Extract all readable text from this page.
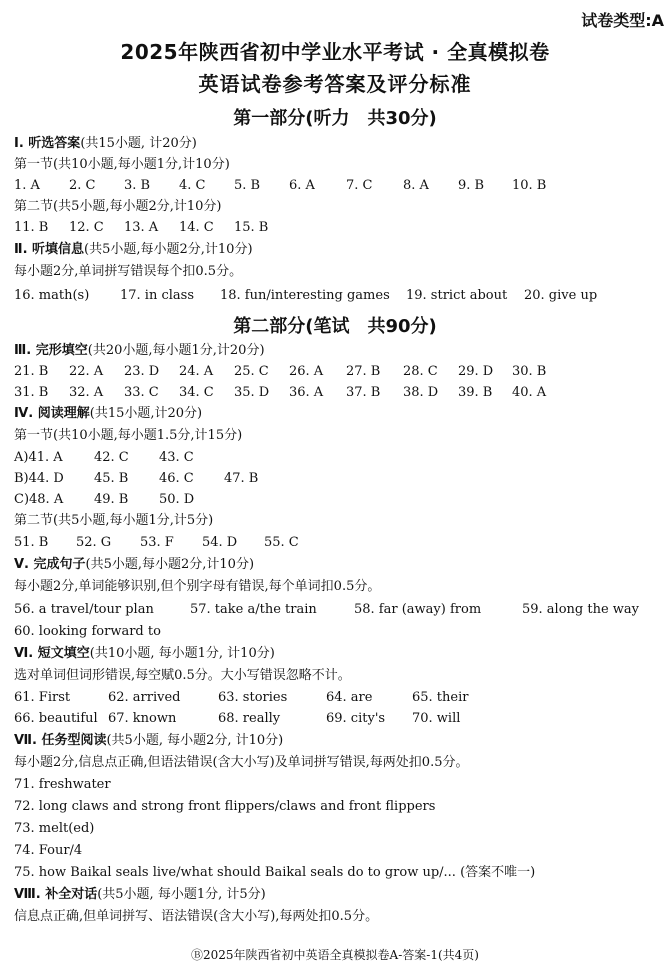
试卷类型:A
2025年陕西省初中学业水平考试 · 全真模拟卷
英语试卷参考答案及评分标准
第一部分(听力　共30分)
Ⅰ. 听选答案(共15小题, 计20分)
第一节(共10小题,每小题1分,计10分)
1. A 2. C 3. B 4. C 5. B 6. A 7. C 8. A 9. B 10. B
第二节(共5小题,每小题2分,计10分)
11. B 12. C 13. A 14. C 15. B
Ⅱ. 听填信息(共5小题,每小题2分,计10分)
每小题2分,单词拼写错误每个扣0.5分。
16. math(s) 17. in class 18. fun/interesting games 19. strict about 20. give up
第二部分(笔试　共90分)
Ⅲ. 完形填空(共20小题,每小题1分,计20分)
21. B 22. A 23. D 24. A 25. C 26. A 27. B 28. C 29. D 30. B
31. B 32. A 33. C 34. C 35. D 36. A 37. B 38. D 39. B 40. A
Ⅳ. 阅读理解(共15小题,计20分)
第一节(共10小题,每小题1.5分,计15分)
A)41. A 42. C 43. C
B)44. D 45. B 46. C 47. B
C)48. A 49. B 50. D
第二节(共5小题,每小题1分,计5分)
51. B 52. G 53. F 54. D 55. C
Ⅴ. 完成句子(共5小题,每小题2分,计10分)
每小题2分,单词能够识别,但个别字母有错误,每个单词扣0.5分。
56. a travel/tour plan	57. take a/the train	58. far (away) from	59. along the way
60. looking forward to
Ⅵ. 短文填空(共10小题, 每小题1分, 计10分)
选对单词但词形错误,每空赋0.5分。大小写错误忽略不计。
61. First	62. arrived	63. stories	64. are	65. their
66. beautiful 67. known	68. really	69. city's 70. will
Ⅶ. 任务型阅读(共5小题, 每小题2分, 计10分)
每小题2分,信息点正确,但语法错误(含大小写)及单词拼写错误,每两处扣0.5分。
71. freshwater
72. long claws and strong front flippers/claws and front flippers
73. melt(ed)
74. Four/4
75. how Baikal seals live/what should Baikal seals do to grow up/... (答案不唯一)
Ⅷ. 补全对话(共5小题, 每小题1分, 计5分)
信息点正确,但单词拼写、语法错误(含大小写),每两处扣0.5分。
Ⓑ2025年陕西省初中英语全真模拟卷A-答案-1(共4页)
